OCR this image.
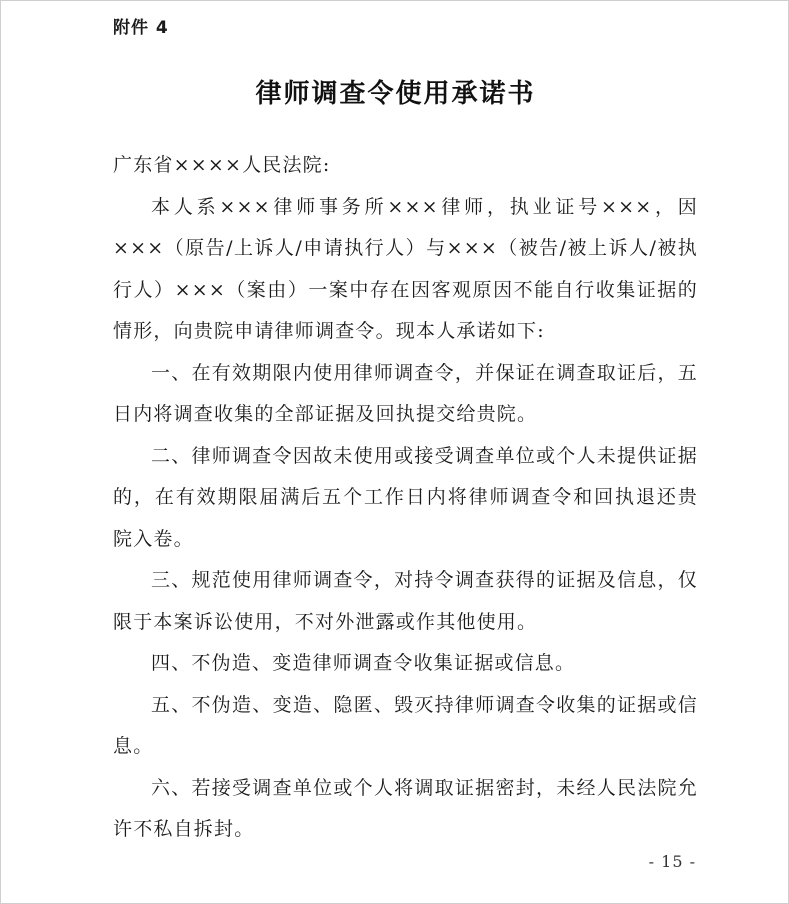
附件 4
律师调查令使用承诺书

广东省××××人民法院:

本人系×××律师事务所×××律师，执业证号×××，因×××（原告/上诉人/申请执行人）与×××（被告/被上诉人/被执行人）×××（案由）一案中存在因客观原因不能自行收集证据的情形，向贵院申请律师调查令。现本人承诺如下:

一、在有效期限内使用律师调查令，并保证在调查取证后，五日内将调查收集的全部证据及回执提交给贵院。

二、律师调查令因故未使用或接受调查单位或个人未提供证据的，在有效期限届满后五个工作日内将律师调查令和回执退还贵院入卷。

三、规范使用律师调查令，对持令调查获得的证据及信息，仅限于本案诉讼使用，不对外泄露或作其他使用。

四、不伪造、变造律师调查令收集证据或信息。

五、不伪造、变造、隐匿、毁灭持律师调查令收集的证据或信息。

六、若接受调查单位或个人将调取证据密封，未经人民法院允许不私自拆封。

- 15 -
